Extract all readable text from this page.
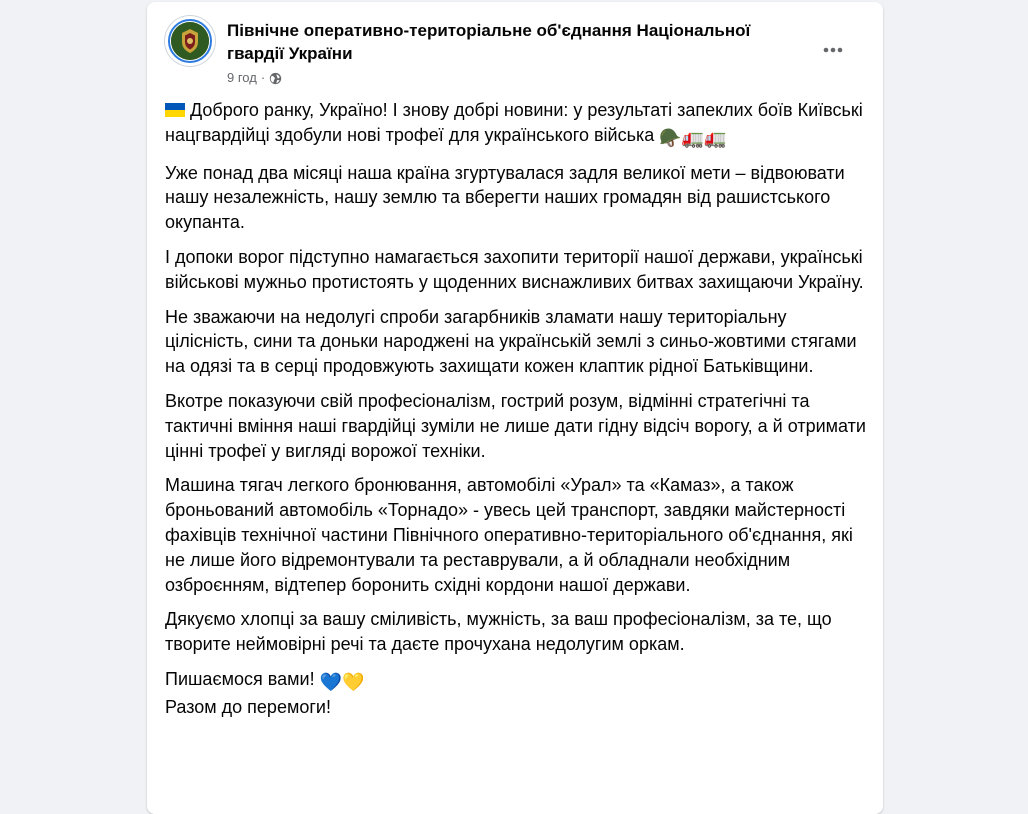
Північне оперативно-територіальне об'єднання Національної гвардії України
9 год ·
Доброго ранку, Україно! І знову добрі новини: у результаті запеклих боїв Київські нацгвардійці здобули нові трофеї для українського війська 🪖🚛🚛
Уже понад два місяці наша країна згуртувалася задля великої мети – відвоювати нашу незалежність, нашу землю та вберегти наших громадян від рашистського окупанта.
І допоки ворог підступно намагається захопити території нашої держави, українські військові мужньо протистоять у щоденних виснажливих битвах захищаючи Україну.
Не зважаючи на недолугі спроби загарбників зламати нашу територіальну цілісність, сини та доньки народжені на українській землі з синьо-жовтими стягами на одязі та в серці продовжують захищати кожен клаптик рідної Батьківщини.
Вкотре показуючи свій професіоналізм, гострий розум, відмінні стратегічні та тактичні вміння наші гвардійці зуміли не лише дати гідну відсіч ворогу, а й отримати цінні трофеї у вигляді ворожої техніки.
Машина тягач легкого бронювання, автомобілі «Урал» та «Камаз», а також броньований автомобіль «Торнадо» - увесь цей транспорт, завдяки майстерності фахівців технічної частини Північного оперативно-територіального об'єднання, які не лише його відремонтували та реставрували, а й обладнали необхідним озброєнням, відтепер боронить східні кордони нашої держави.
Дякуємо хлопці за вашу сміливість, мужність, за ваш професіоналізм, за те, що творите неймовірні речі та даєте прочухана недолугим оркам.
Пишаємося вами! 💙💛
Разом до перемоги!
